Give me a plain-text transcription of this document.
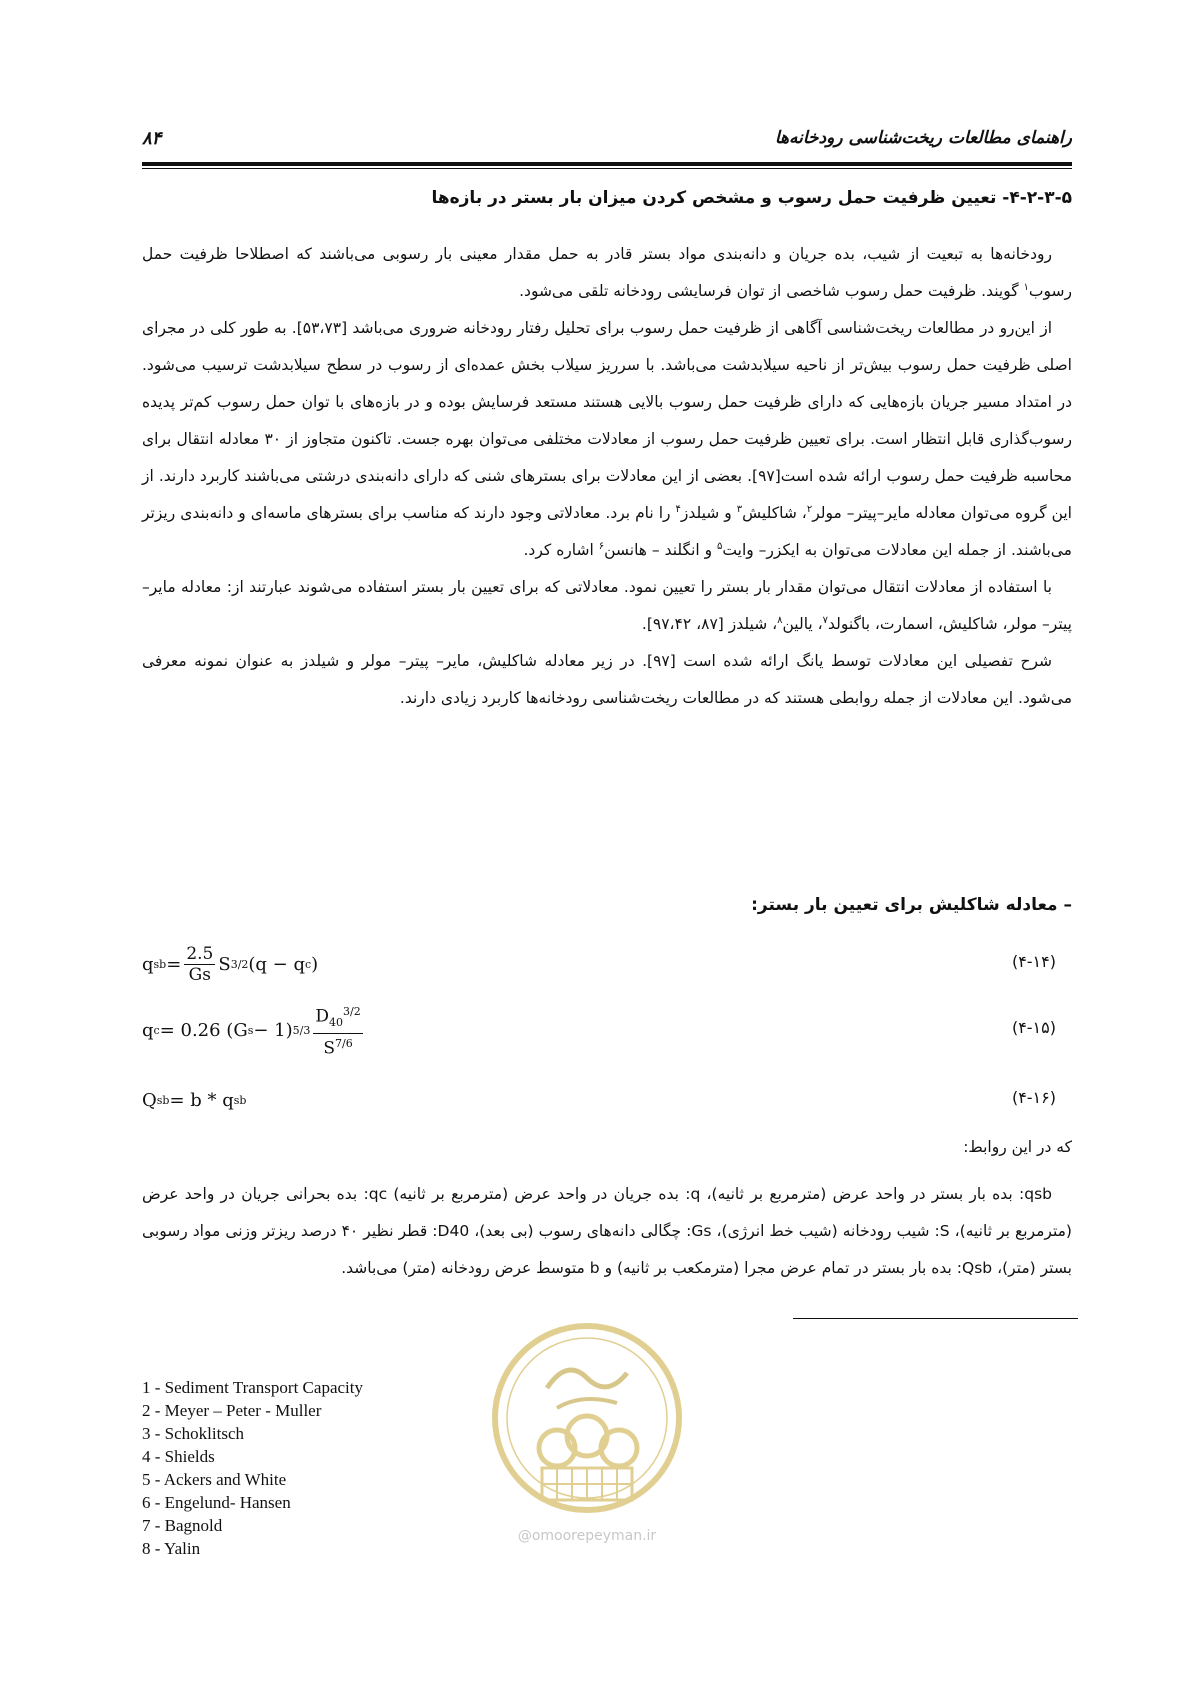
راهنمای مطالعات ریخت‌شناسی رودخانه‌ها
۸۴
۴-۲-۳-۵- تعیین ظرفیت حمل رسوب و مشخص کردن میزان بار بستر در بازه‌ها

رودخانه‌ها به تبعیت از شیب، بده جریان و دانه‌بندی مواد بستر قادر به حمل مقدار معینی بار رسوبی می‌باشند که اصطلاحا ظرفیت حمل رسوب$^۱$ گویند. ظرفیت حمل رسوب شاخصی از توان فرسایشی رودخانه تلقی می‌شود.

از این‌رو در مطالعات ریخت‌شناسی آگاهی از ظرفیت حمل رسوب برای تحلیل رفتار رودخانه ضروری می‌باشد [۵۳،۷۳]. به طور کلی در مجرای اصلی ظرفیت حمل رسوب بیش‌تر از ناحیه سیلابدشت می‌باشد. با سرریز سیلاب بخش عمده‌ای از رسوب در سطح سیلابدشت ترسیب می‌شود. در امتداد مسیر جریان بازه‌هایی که دارای ظرفیت حمل رسوب بالایی هستند مستعد فرسایش بوده و در بازه‌های با توان حمل رسوب کم‌تر پدیده رسوب‌گذاری قابل انتظار است. برای تعیین ظرفیت حمل رسوب از معادلات مختلفی می‌توان بهره جست. تاکنون متجاوز از ۳۰ معادله انتقال برای محاسبه ظرفیت حمل رسوب ارائه شده است[۹۷]. بعضی از این معادلات برای بسترهای شنی که دارای دانه‌بندی درشتی می‌باشند کاربرد دارند. از این گروه می‌توان معادله مایر–پیتر– مولر$^۲$، شاکلیش$^۳$ و شیلدز$^۴$ را نام برد. معادلاتی وجود دارند که مناسب برای بسترهای ماسه‌ای و دانه‌بندی ریزتر می‌باشند. از جمله این معادلات می‌توان به ایکزر– وایت$^۵$ و انگلند – هانسن$^۶$ اشاره کرد.

با استفاده از معادلات انتقال می‌توان مقدار بار بستر را تعیین نمود. معادلاتی که برای تعیین بار بستر استفاده می‌شوند عبارتند از: معادله مایر– پیتر– مولر، شاکلیش، اسمارت، باگنولد$^۷$، یالین$^۸$، شیلدز [۸۷، ۹۷،۴۲].

شرح تفصیلی این معادلات توسط یانگ ارائه شده است [۹۷]. در زیر معادله شاکلیش، مایر– پیتر– مولر و شیلدز به عنوان نمونه معرفی می‌شود. این معادلات از جمله روابطی هستند که در مطالعات ریخت‌شناسی رودخانه‌ها کاربرد زیادی دارند.

– معادله شاکلیش برای تعیین بار بستر:
q sb = $\frac{2.5}{Gs}$ S 3/2 (q − q c )	(۴-۱۴)
q c = 0.26 (G s − 1) $5/3 \frac{D_{40}^{3/2}}{S^{7/6}}$	(۴-۱۵)
Q sb = b * q sb	(۴-۱۶)
که در این روابط:

qsb: بده بار بستر در واحد عرض (مترمربع بر ثانیه)، q: بده جریان در واحد عرض (مترمربع بر ثانیه) qc: بده بحرانی جریان در واحد عرض (مترمربع بر ثانیه)، S: شیب رودخانه (شیب خط انرژی)، Gs: چگالی دانه‌های رسوب (بی بعد)، D40: قطر نظیر ۴۰ درصد ریزتر وزنی مواد رسوبی بستر (متر)، Qsb: بده بار بستر در تمام عرض مجرا (مترمکعب بر ثانیه) و b متوسط عرض رودخانه (متر) می‌باشد.

1 - Sediment Transport Capacity
2 - Meyer – Peter - Muller
3 - Schoklitsch
4 - Shields
5 - Ackers and White
6 - Engelund- Hansen
7 - Bagnold
8 - Yalin
@omoorepeyman.ir
